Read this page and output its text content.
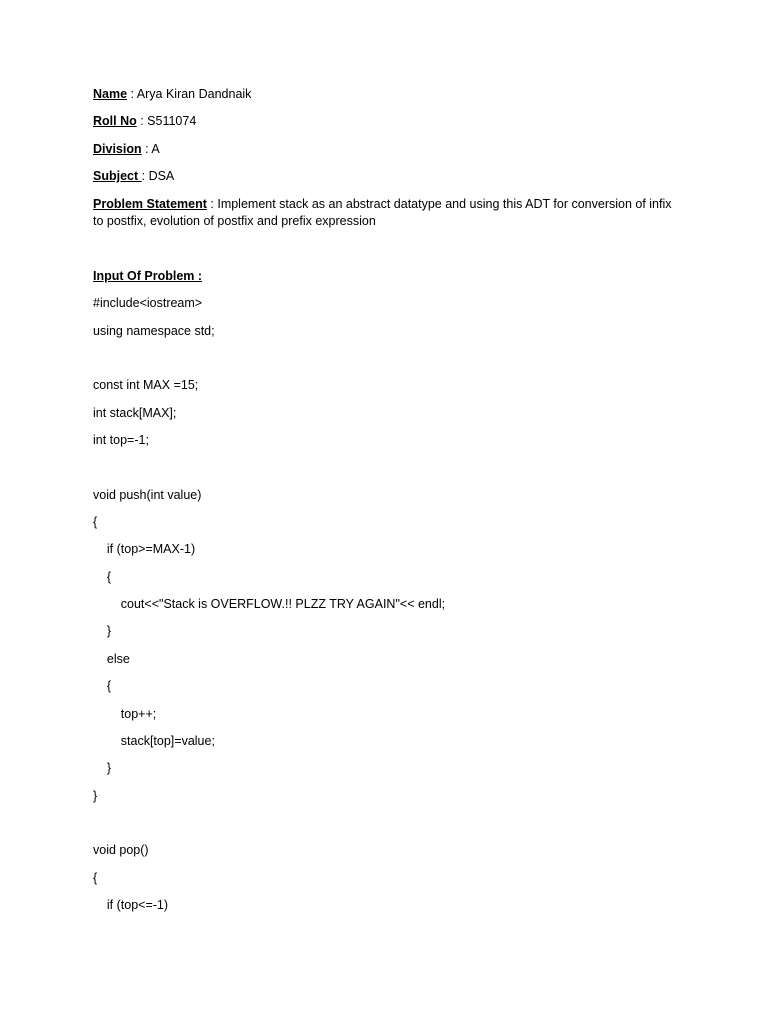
Name : Arya Kiran Dandnaik
Roll No : S511074
Division : A
Subject : DSA
Problem Statement : Implement stack as an abstract datatype and using this ADT for conversion of infix to postfix, evolution of postfix and prefix expression
Input Of Problem :
#include<iostream>
using namespace std;
const int MAX =15;
int stack[MAX];
int top=-1;
void push(int value)
{
if (top>=MAX-1)
{
cout<<"Stack is OVERFLOW.!! PLZZ TRY AGAIN"<< endl;
}
else
{
top++;
stack[top]=value;
}
}
void pop()
{
if (top<=-1)
